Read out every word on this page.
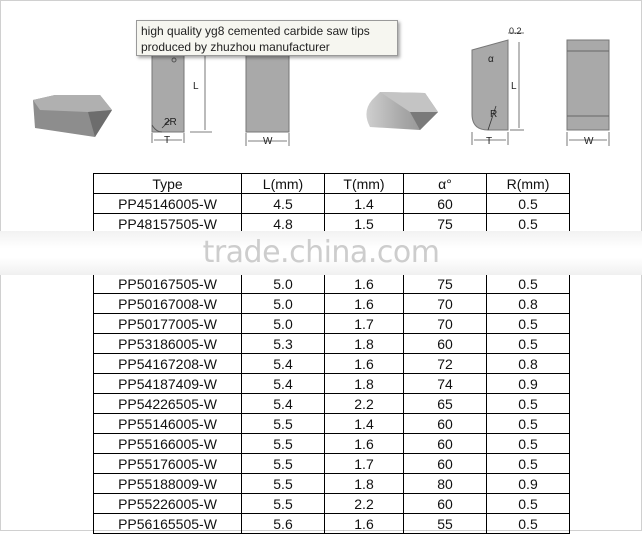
L
2R
T	W
0.2
α
L
R
T	W
high quality yg8 cemented carbide saw tips
produced by zhuzhou manufacturer
Type	L(mm)	T(mm)	α°	R(mm)
PP45146005-W	4.5	1.4	60	0.5
PP48157505-W	4.8	1.5	75	0.5
trade.china.com
PP50167505-W	5.0	1.6	75	0.5
PP50167008-W	5.0	1.6	70	0.8
PP50177005-W	5.0	1.7	70	0.5
PP53186005-W	5.3	1.8	60	0.5
PP54167208-W	5.4	1.6	72	0.8
PP54187409-W	5.4	1.8	74	0.9
PP54226505-W	5.4	2.2	65	0.5
PP55146005-W	5.5	1.4	60	0.5
PP55166005-W	5.5	1.6	60	0.5
PP55176005-W	5.5	1.7	60	0.5
PP55188009-W	5.5	1.8	80	0.9
PP55226005-W	5.5	2.2	60	0.5
PP56165505-W	5.6	1.6	55	0.5
